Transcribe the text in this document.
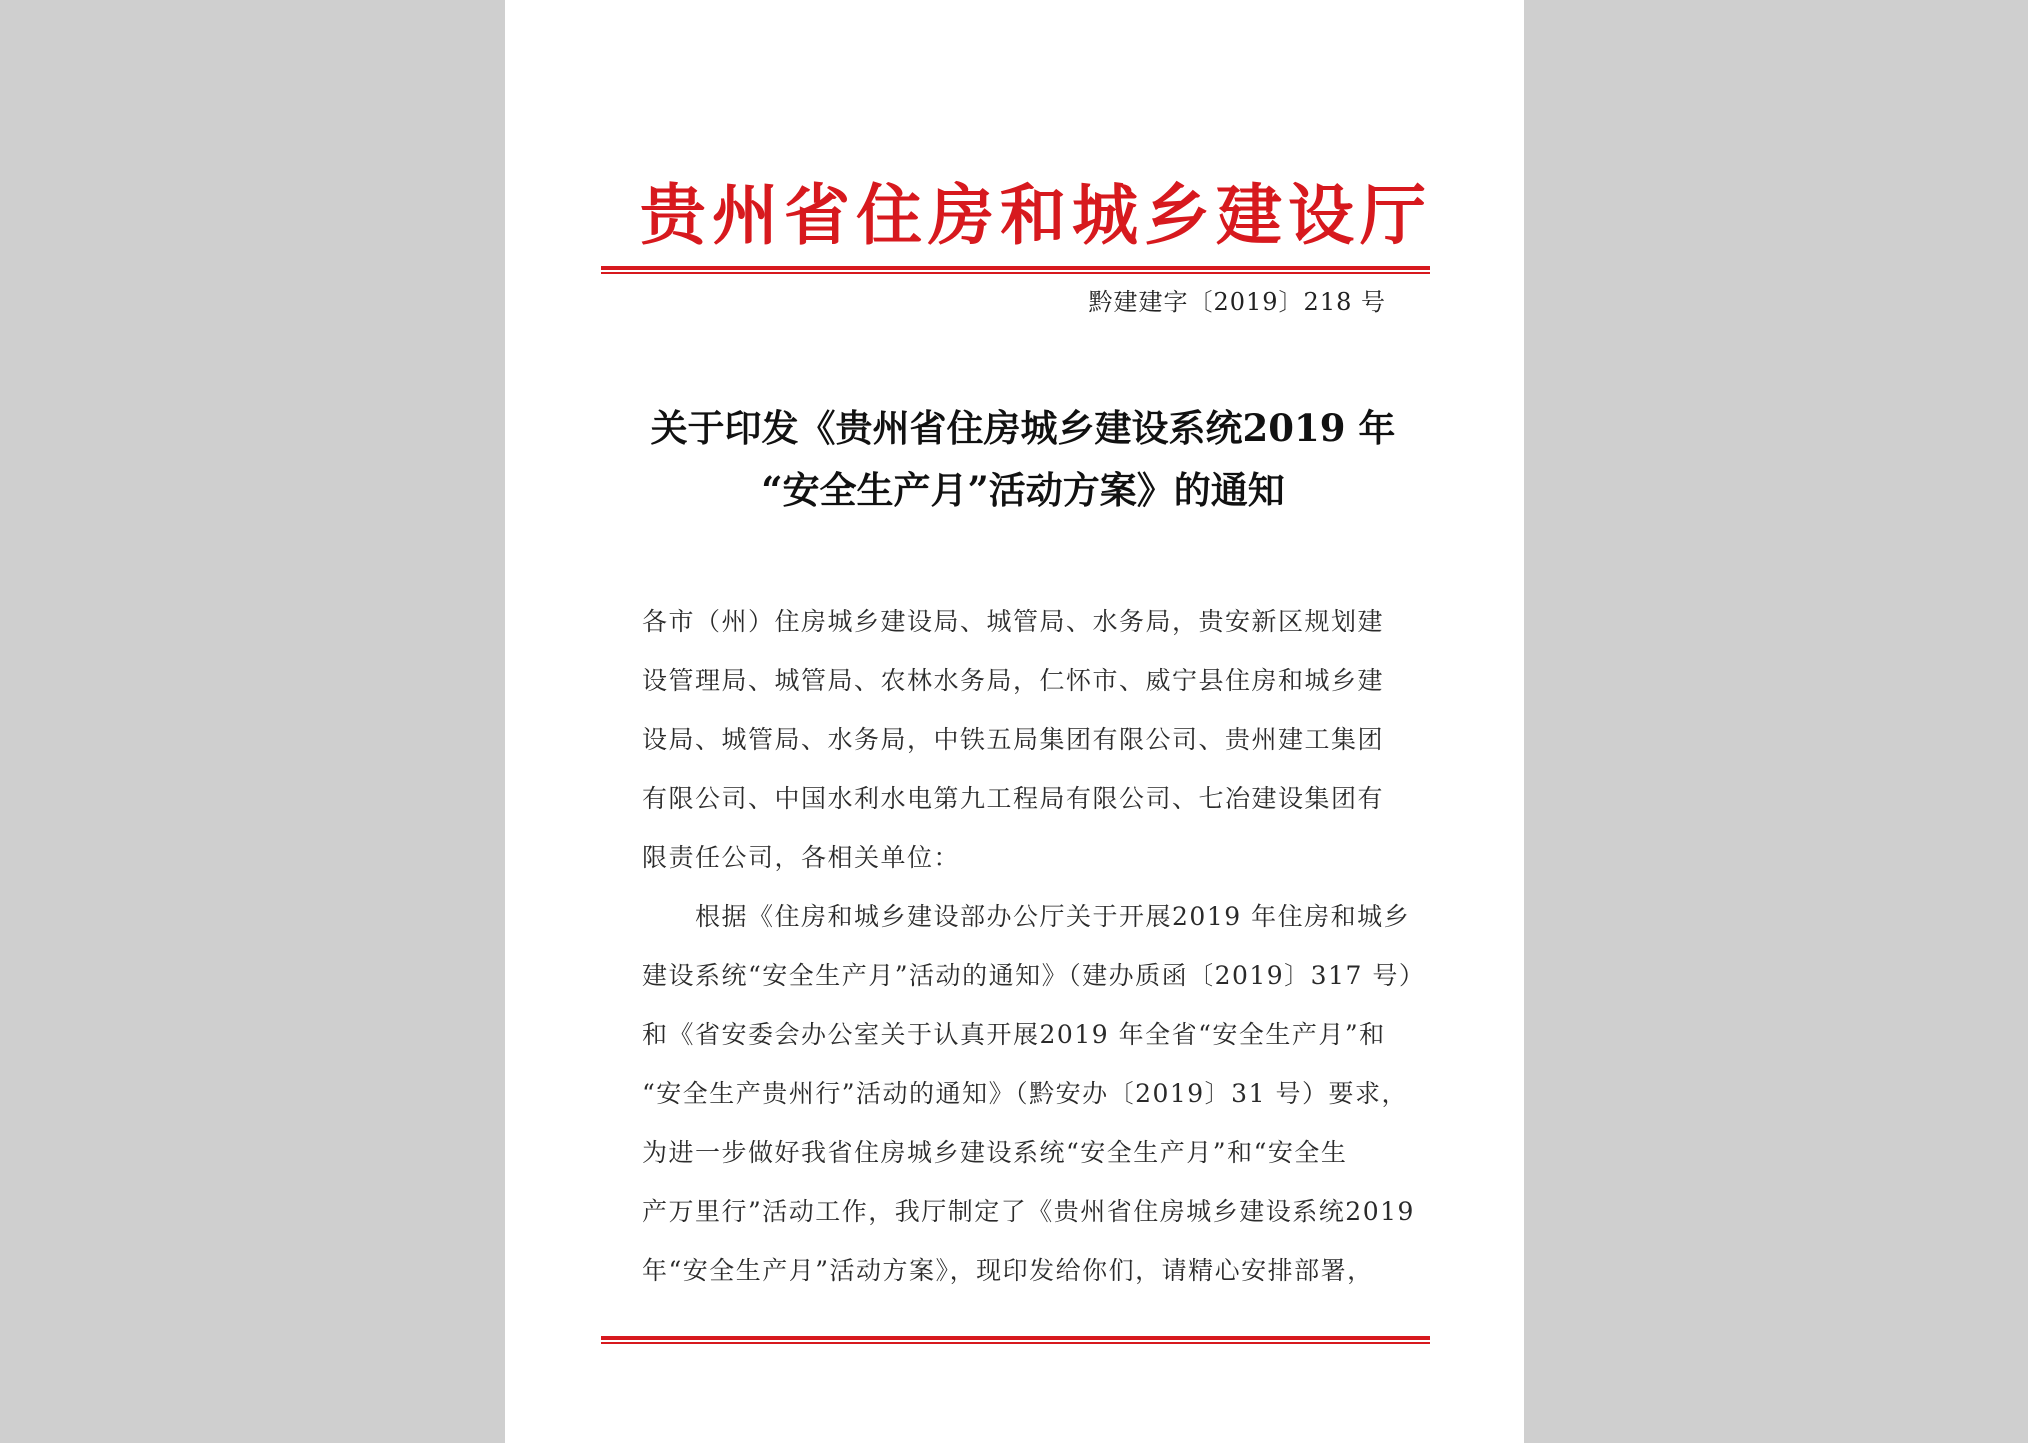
贵州省住房和城乡建设厅
黔建建字〔2019〕218 号
关于印发《贵州省住房城乡建设系统2019 年
“安全生产月”活动方案》的通知
各市（州）住房城乡建设局、城管局、水务局，贵安新区规划建
设管理局、城管局、农林水务局，仁怀市、威宁县住房和城乡建
设局、城管局、水务局，中铁五局集团有限公司、贵州建工集团
有限公司、中国水利水电第九工程局有限公司、七冶建设集团有
限责任公司，各相关单位：
　　根据《住房和城乡建设部办公厅关于开展2019 年住房和城乡
建设系统“安全生产月”活动的通知》（建办质函〔2019〕317 号）
和《省安委会办公室关于认真开展2019 年全省“安全生产月”和
“安全生产贵州行”活动的通知》（黔安办〔2019〕31 号）要求，
为进一步做好我省住房城乡建设系统“安全生产月”和“安全生
产万里行”活动工作，我厅制定了《贵州省住房城乡建设系统2019
年“安全生产月”活动方案》，现印发给你们，请精心安排部署，
